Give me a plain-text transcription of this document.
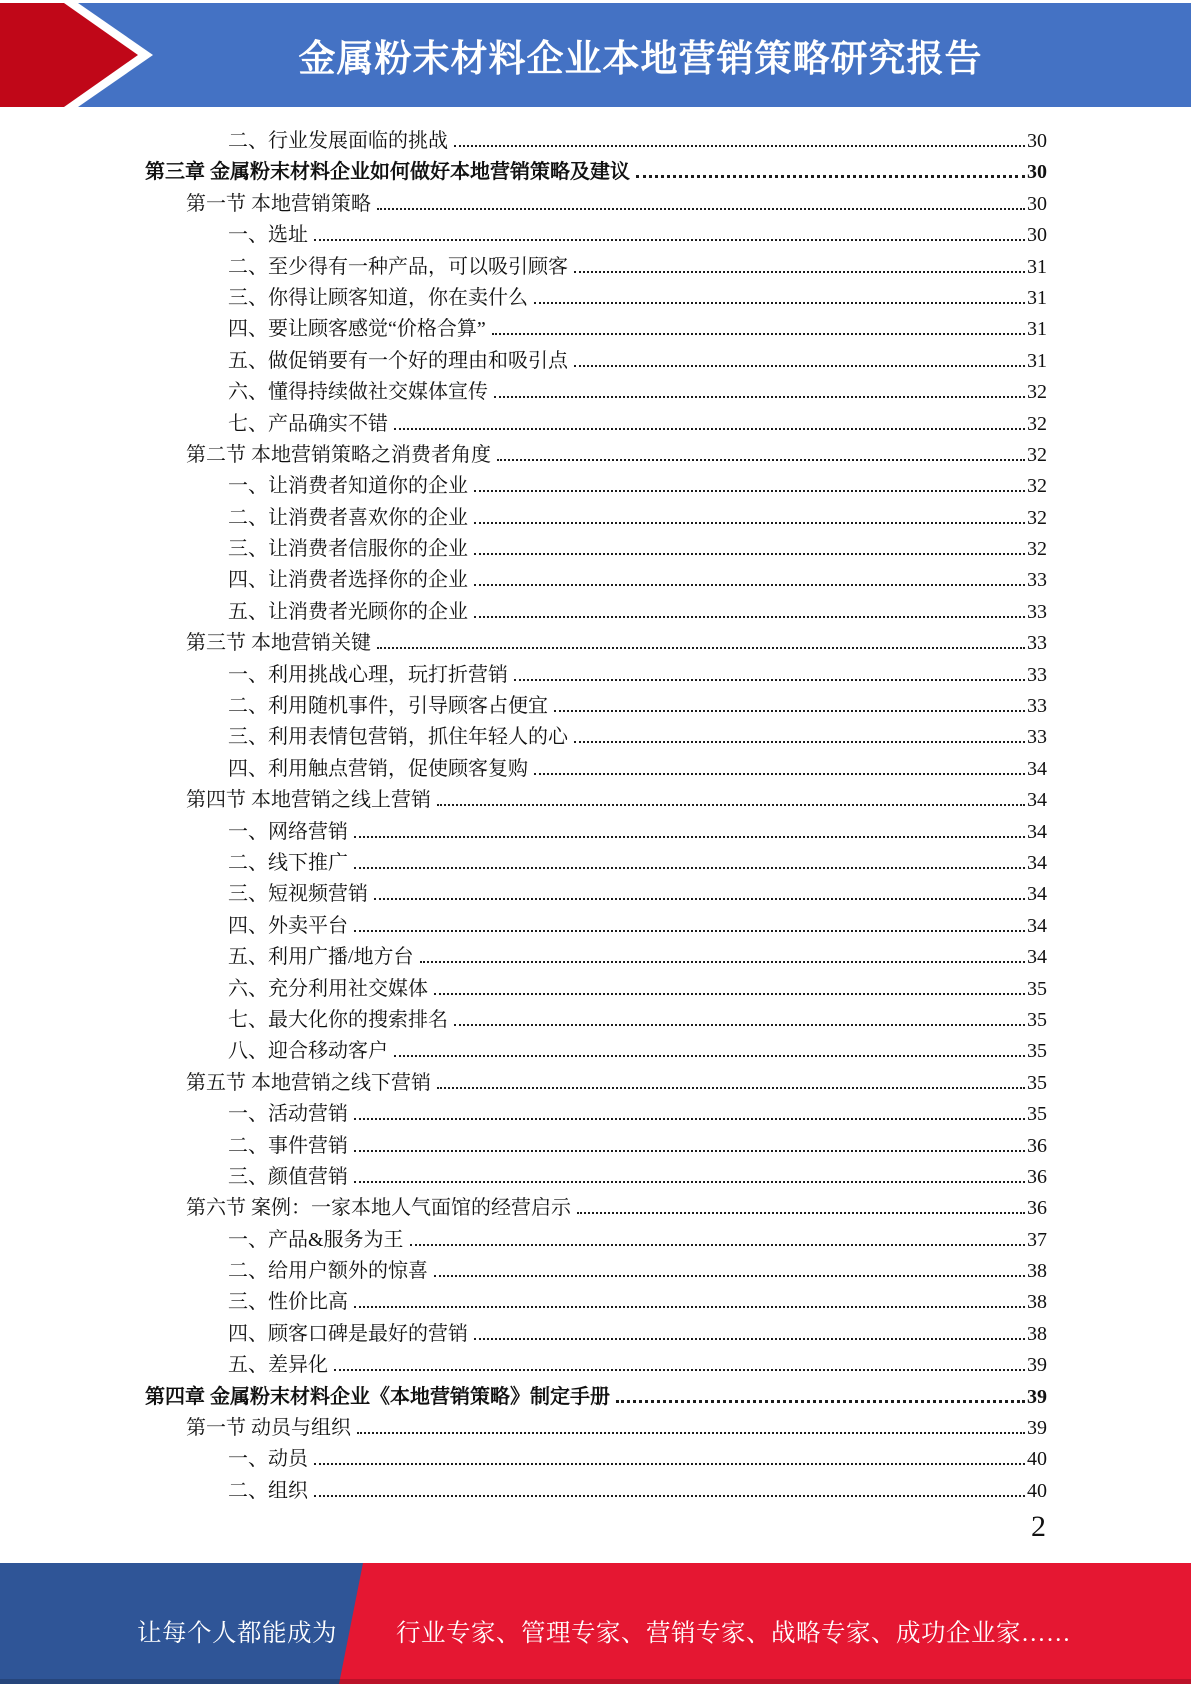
金属粉末材料企业本地营销策略研究报告
二、行业发展面临的挑战	30
第三章 金属粉末材料企业如何做好本地营销策略及建议	30
第一节 本地营销策略	30
一、选址	30
二、至少得有一种产品，可以吸引顾客	31
三、你得让顾客知道，你在卖什么	31
四、要让顾客感觉“价格合算”	31
五、做促销要有一个好的理由和吸引点	31
六、懂得持续做社交媒体宣传	32
七、产品确实不错	32
第二节 本地营销策略之消费者角度	32
一、让消费者知道你的企业	32
二、让消费者喜欢你的企业	32
三、让消费者信服你的企业	32
四、让消费者选择你的企业	33
五、让消费者光顾你的企业	33
第三节 本地营销关键	33
一、利用挑战心理，玩打折营销	33
二、利用随机事件，引导顾客占便宜	33
三、利用表情包营销，抓住年轻人的心	33
四、利用触点营销，促使顾客复购	34
第四节 本地营销之线上营销	34
一、网络营销	34
二、线下推广	34
三、短视频营销	34
四、外卖平台	34
五、利用广播/地方台	34
六、充分利用社交媒体	35
七、最大化你的搜索排名	35
八、迎合移动客户	35
第五节 本地营销之线下营销	35
一、活动营销	35
二、事件营销	36
三、颜值营销	36
第六节 案例：一家本地人气面馆的经营启示	36
一、产品&服务为王	37
二、给用户额外的惊喜	38
三、性价比高	38
四、顾客口碑是最好的营销	38
五、差异化	39
第四章 金属粉末材料企业《本地营销策略》制定手册	39
第一节 动员与组织	39
一、动员	40
二、组织	40
2
让每个人都能成为 行业专家、管理专家、营销专家、战略专家、成功企业家……
